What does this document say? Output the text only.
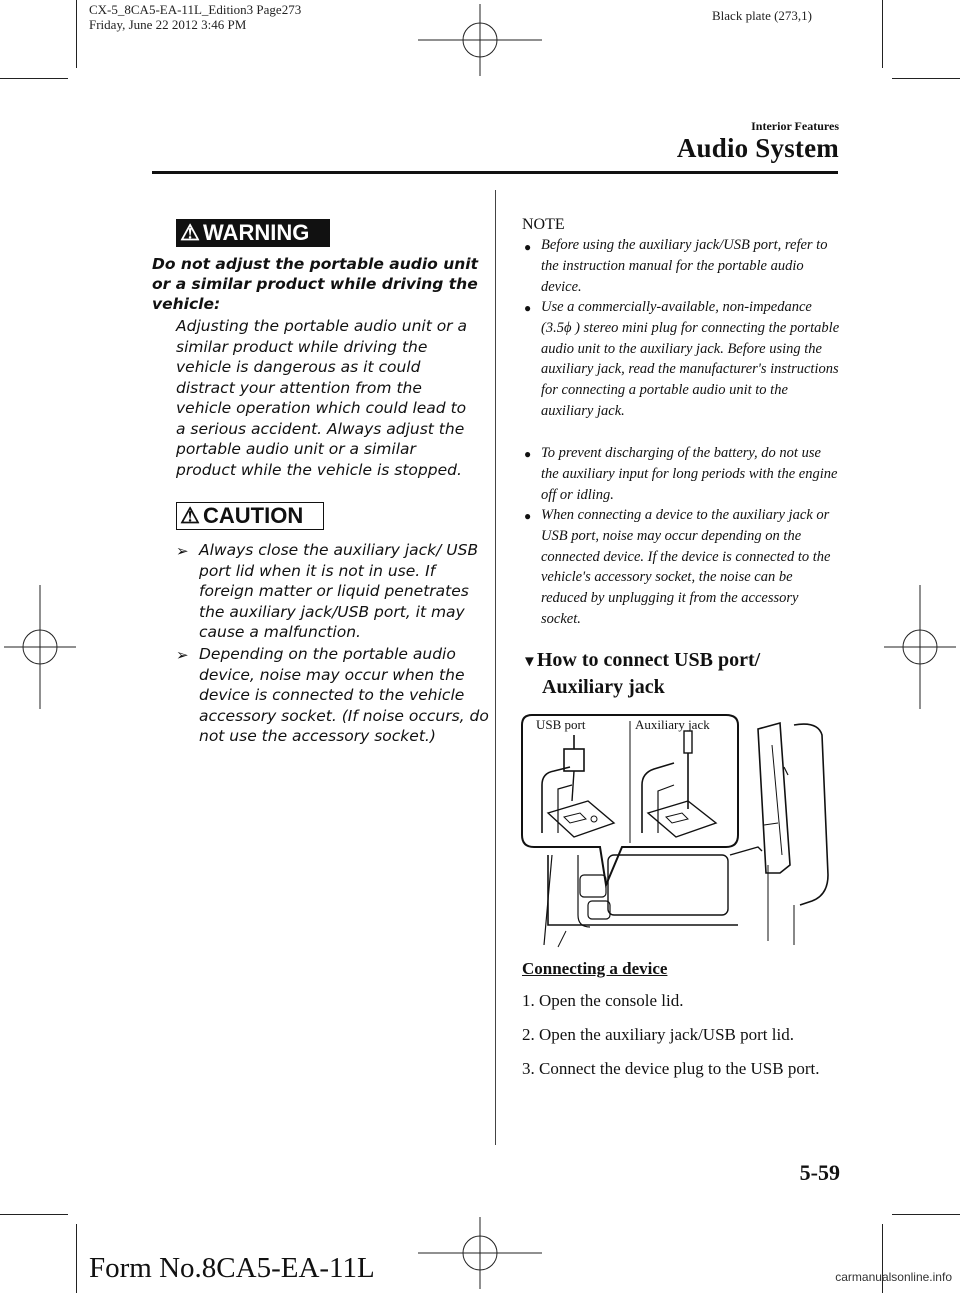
CX-5_8CA5-EA-11L_Edition3 Page273
Friday, June 22 2012 3:46 PM
Black plate (273,1)
Interior Features
Audio System
⚠ WARNING
Do not adjust the portable audio unit or a similar product while driving the vehicle:
Adjusting the portable audio unit or a similar product while driving the vehicle is dangerous as it could distract your attention from the vehicle operation which could lead to a serious accident. Always adjust the portable audio unit or a similar product while the vehicle is stopped.
⚠ CAUTION
➢ Always close the auxiliary jack/ USB port lid when it is not in use. If foreign matter or liquid penetrates the auxiliary jack/USB port, it may cause a malfunction.
➢ Depending on the portable audio device, noise may occur when the device is connected to the vehicle accessory socket. (If noise occurs, do not use the accessory socket.)
NOTE
● Before using the auxiliary jack/USB port, refer to the instruction manual for the portable audio device.
● Use a commercially-available, non-impedance (3.5ϕ ) stereo mini plug for connecting the portable audio unit to the auxiliary jack. Before using the auxiliary jack, read the manufacturer's instructions for connecting a portable audio unit to the auxiliary jack.
● To prevent discharging of the battery, do not use the auxiliary input for long periods with the engine off or idling.
● When connecting a device to the auxiliary jack or USB port, noise may occur depending on the connected device. If the device is connected to the vehicle's accessory socket, the noise can be reduced by unplugging it from the accessory socket.
▼How to connect USB port/
Auxiliary jack
USB port	Auxiliary jack
Connecting a device
1. Open the console lid.
2. Open the auxiliary jack/USB port lid.
3. Connect the device plug to the USB port.
5-59
Form No.8CA5-EA-11L	carmanualsonline.info
